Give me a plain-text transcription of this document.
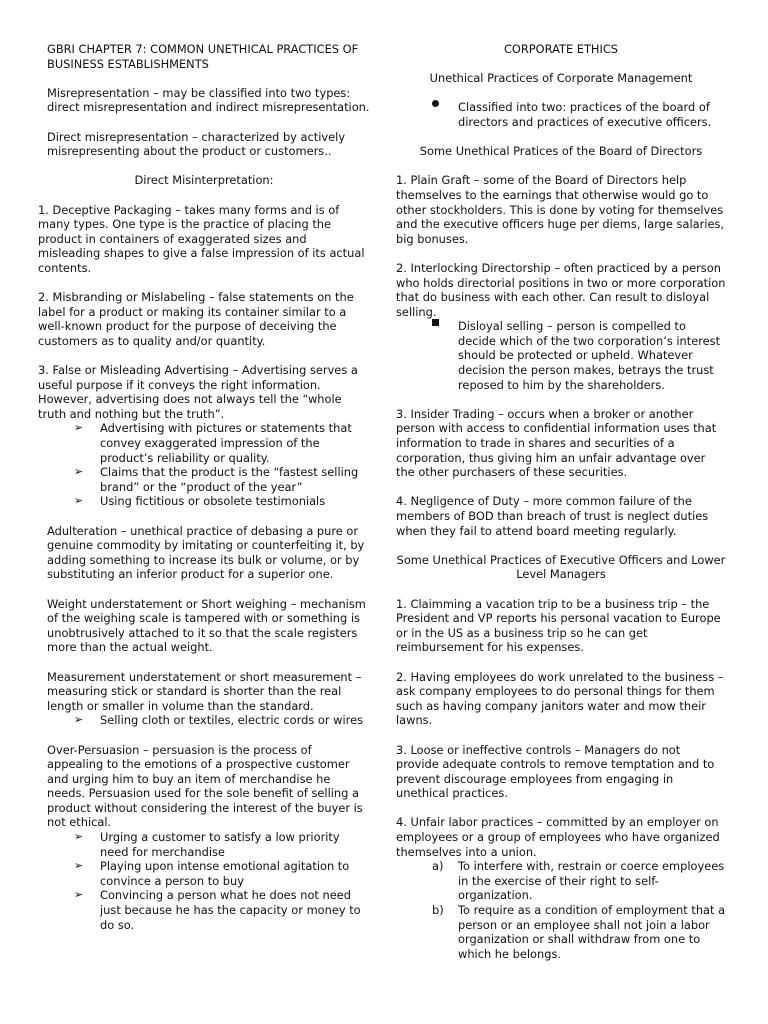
GBRI CHAPTER 7: COMMON UNETHICAL PRACTICES OF BUSINESS ESTABLISHMENTS

Misrepresentation – may be classified into two types: direct misrepresentation and indirect misrepresentation.

Direct misrepresentation – characterized by actively misrepresenting about the product or customers..

Direct Misinterpretation:

1. Deceptive Packaging – takes many forms and is of many types. One type is the practice of placing the product in containers of exaggerated sizes and misleading shapes to give a false impression of its actual contents.

2. Misbranding or Mislabeling – false statements on the label for a product or making its container similar to a well-known product for the purpose of deceiving the customers as to quality and/or quantity.

3. False or Misleading Advertising – Advertising serves a useful purpose if it conveys the right information. However, advertising does not always tell the “whole truth and nothing but the truth”.

➢ Advertising with pictures or statements that convey exaggerated impression of the product’s reliability or quality.
➢ Claims that the product is the “fastest selling brand” or the “product of the year”
➢ Using fictitious or obsolete testimonials

Adulteration – unethical practice of debasing a pure or genuine commodity by imitating or counterfeiting it, by adding something to increase its bulk or volume, or by substituting an inferior product for a superior one.

Weight understatement or Short weighing – mechanism of the weighing scale is tampered with or something is unobtrusively attached to it so that the scale registers more than the actual weight.

Measurement understatement or short measurement – measuring stick or standard is shorter than the real length or smaller in volume than the standard.

➢ Selling cloth or textiles, electric cords or wires

Over-Persuasion – persuasion is the process of appealing to the emotions of a prospective customer and urging him to buy an item of merchandise he needs. Persuasion used for the sole benefit of selling a product without considering the interest of the buyer is not ethical.

➢ Urging a customer to satisfy a low priority need for merchandise
➢ Playing upon intense emotional agitation to convince a person to buy
➢ Convincing a person what he does not need just because he has the capacity or money to do so.

CORPORATE ETHICS

Unethical Practices of Corporate Management

Classified into two: practices of the board of directors and practices of executive officers.

Some Unethical Pratices of the Board of Directors

1. Plain Graft – some of the Board of Directors help themselves to the earnings that otherwise would go to other stockholders. This is done by voting for themselves and the executive officers huge per diems, large salaries, big bonuses.

2. Interlocking Directorship – often practiced by a person who holds directorial positions in two or more corporation that do business with each other. Can result to disloyal selling.

Disloyal selling – person is compelled to decide which of the two corporation’s interest should be protected or upheld. Whatever decision the person makes, betrays the trust reposed to him by the shareholders.

3. Insider Trading – occurs when a broker or another person with access to confidential information uses that information to trade in shares and securities of a corporation, thus giving him an unfair advantage over the other purchasers of these securities.

4. Negligence of Duty – more common failure of the members of BOD than breach of trust is neglect duties when they fail to attend board meeting regularly.

Some Unethical Practices of Executive Officers and Lower Level Managers

1. Claimming a vacation trip to be a business trip – the President and VP reports his personal vacation to Europe or in the US as a business trip so he can get reimbursement for his expenses.

2. Having employees do work unrelated to the business – ask company employees to do personal things for them such as having company janitors water and mow their lawns.

3. Loose or ineffective controls – Managers do not provide adequate controls to remove temptation and to prevent discourage employees from engaging in unethical practices.

4. Unfair labor practices – committed by an employer on employees or a group of employees who have organized themselves into a union.

a) To interfere with, restrain or coerce employees in the exercise of their right to self-organization.
b) To require as a condition of employment that a person or an employee shall not join a labor organization or shall withdraw from one to which he belongs.
